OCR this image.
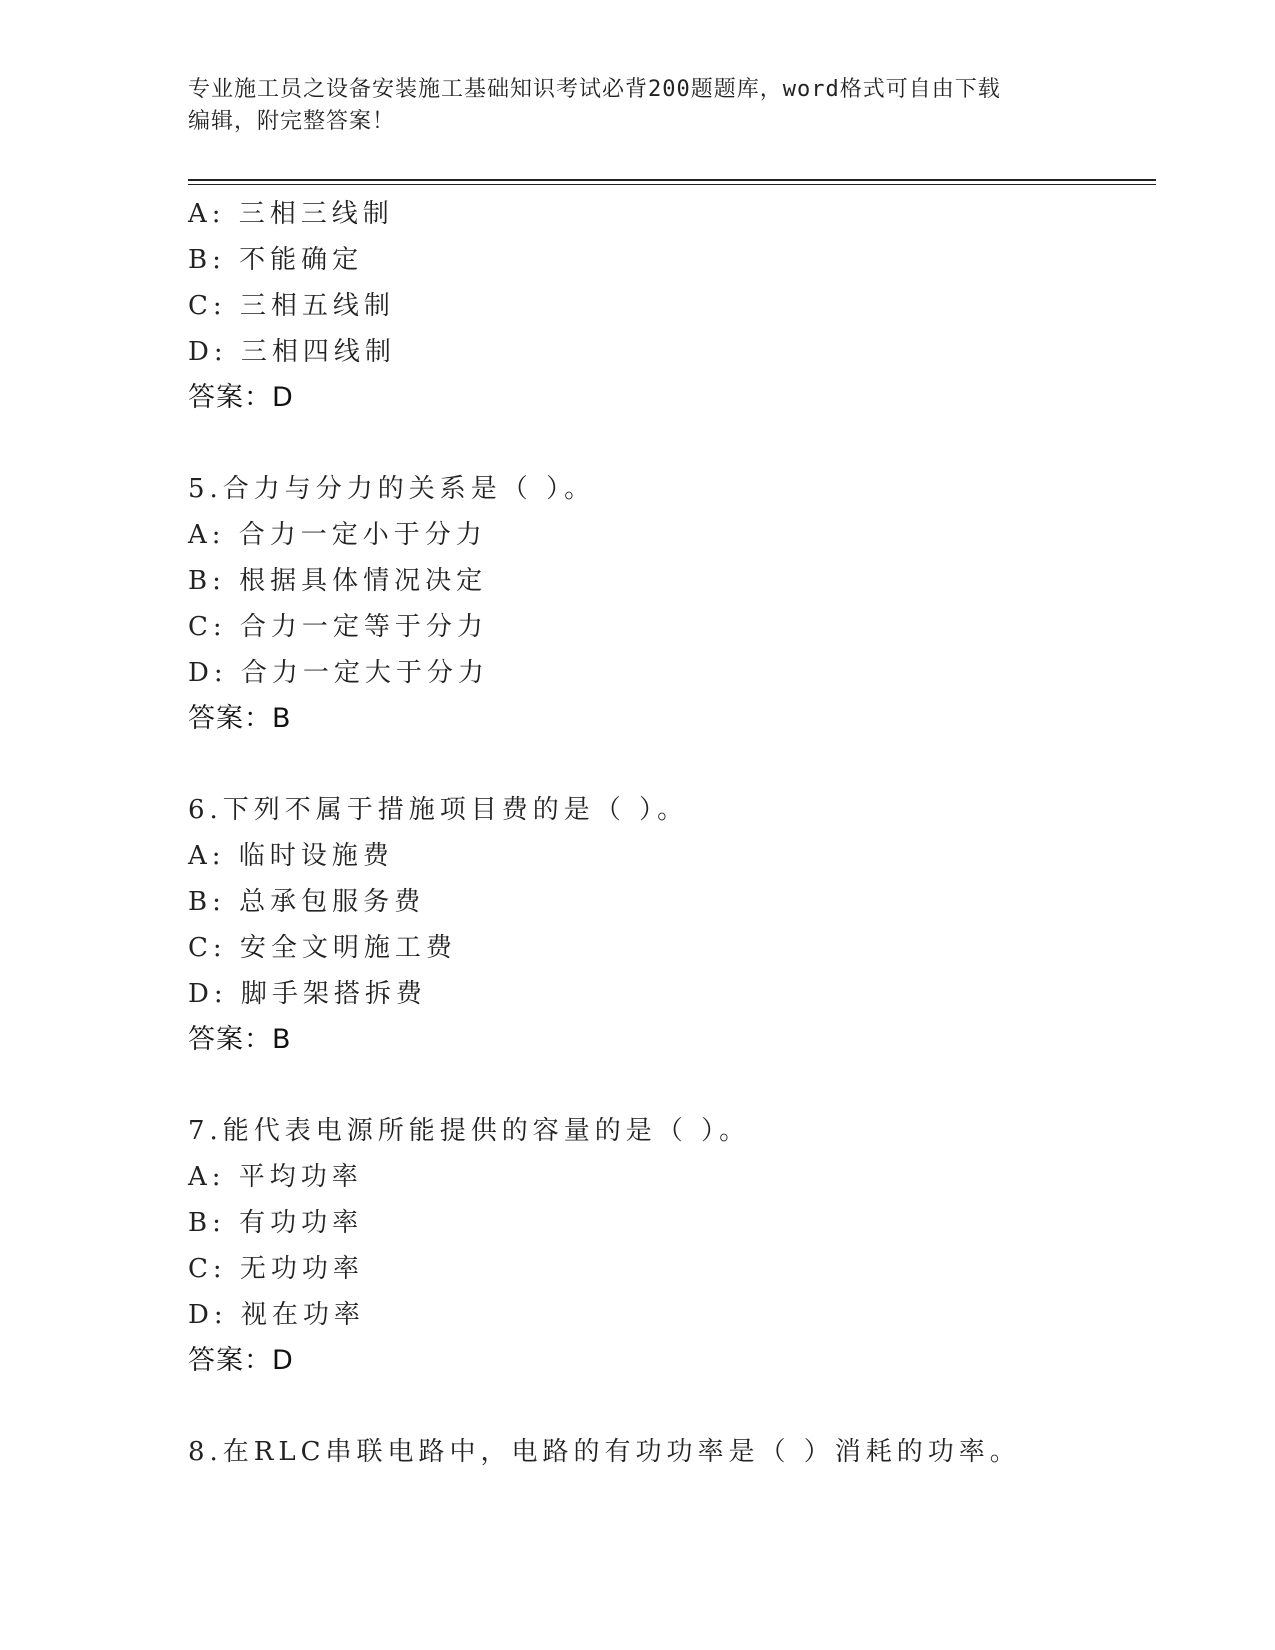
专业施工员之设备安装施工基础知识考试必背200题题库，word格式可自由下载
编辑，附完整答案！
A: 三相三线制
B: 不能确定
C: 三相五线制
D: 三相四线制
答案：D
5.合力与分力的关系是（ ）。
A: 合力一定小于分力
B: 根据具体情况决定
C: 合力一定等于分力
D: 合力一定大于分力
答案：B
6.下列不属于措施项目费的是（ ）。
A: 临时设施费
B: 总承包服务费
C: 安全文明施工费
D: 脚手架搭拆费
答案：B
7.能代表电源所能提供的容量的是（ ）。
A: 平均功率
B: 有功功率
C: 无功功率
D: 视在功率
答案：D
8.在RLC串联电路中，电路的有功功率是（ ）消耗的功率。
